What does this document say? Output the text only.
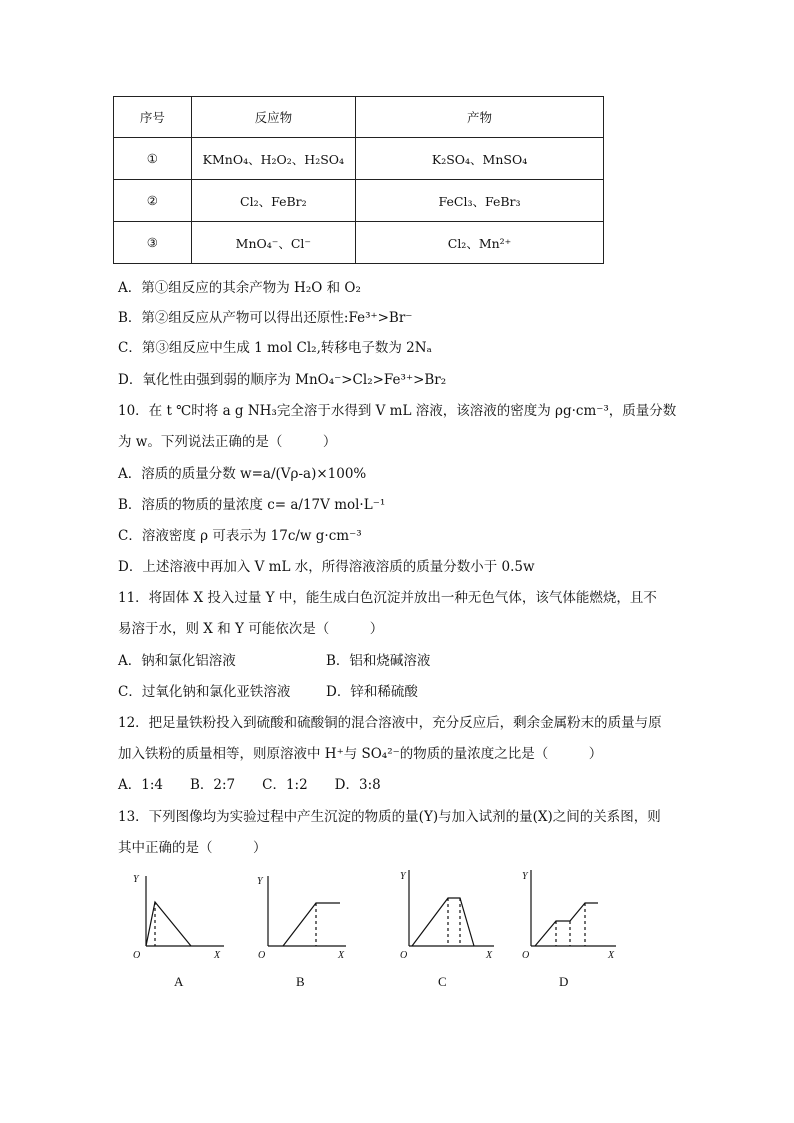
序号	反应物	产物
①	KMnO₄、H₂O₂、H₂SO₄	K₂SO₄、MnSO₄
②	Cl₂、FeBr₂	FeCl₃、FeBr₃
③	MnO₄⁻、Cl⁻	Cl₂、Mn²⁺
A．第①组反应的其余产物为 H₂O 和 O₂
B．第②组反应从产物可以得出还原性:Fe³⁺>Br⁻
C．第③组反应中生成 1 mol Cl₂,转移电子数为 2Nₐ
D．氧化性由强到弱的顺序为 MnO₄⁻>Cl₂>Fe³⁺>Br₂
10．在 t ℃时将 a g NH₃完全溶于水得到 V mL 溶液，该溶液的密度为 ρg·cm⁻³，质量分数
为 w。下列说法正确的是（　　　）
A．溶质的质量分数 w=a/(Vρ-a)×100%
B．溶质的物质的量浓度 c= a/17V mol·L⁻¹
C．溶液密度 ρ 可表示为 17c/w g·cm⁻³
D．上述溶液中再加入 V mL 水，所得溶液溶质的质量分数小于 0.5w
11．将固体 X 投入过量 Y 中，能生成白色沉淀并放出一种无色气体，该气体能燃烧，且不
易溶于水，则 X 和 Y 可能依次是（　　　）
A．钠和氯化铝溶液	B．铝和烧碱溶液
C．过氧化钠和氯化亚铁溶液	D．锌和稀硫酸
12．把足量铁粉投入到硫酸和硫酸铜的混合溶液中，充分反应后，剩余金属粉末的质量与原
加入铁粉的质量相等，则原溶液中 H⁺与 SO₄²⁻的物质的量浓度之比是（　　　）
A．1:4　　B．2:7　　C．1:2　　D．3:8
13．下列图像均为实验过程中产生沉淀的物质的量(Y)与加入试剂的量(X)之间的关系图，则
其中正确的是（　　　）
Y
O	X
Y
O	X
Y
O	X
Y
O	X
A	B	C	D
